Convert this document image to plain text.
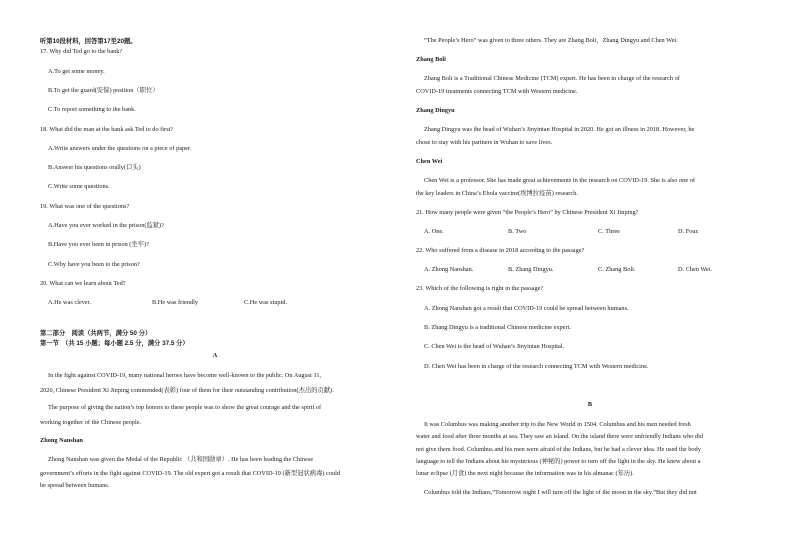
听第10段材料，回答第17至20题。
17. Why did Ted go to the bank?
A.To get some money.
B.To get the guard(安保) position（职位）
C.To report something to the bank.
18. What did the man at the bank ask Ted to do first?
A.Write answers under the questions on a piece of paper.
B.Answer his questions orally(口头)
C.Write some questions.
19. What was one of the questions?
A.Have you ever worked in the prison(监狱)?
B.Have you ever been in prison (坐牢)?
C.Why have you been to the prison?
20. What can we learn about Ted?
A.He was clever.	B.He was friendly	C.He was stupid.
第二部分　阅读（共两节，满分 50 分）
第一节　（共 15 小题；每小题 2.5 分，满分 37.5 分）
A
In the fight against COVID-19, many national heroes have become well-known to the public. On August 11,
2020, Chinese President Xi Jinping commended(表彰) four of them for their outstanding contribution(杰出的贡献).
The purpose of giving the nation’s top honors to these people was to show the great courage and the spirit of
working together of the Chinese people.
Zhong Nanshan
Zhong Nanshan was given the Medal of the Republic （共和国勋章）. He has been leading the Chinese
government’s efforts in the fight against COVID-19. The old expert got a result that COVID-19 (新型冠状病毒) could
be spread between humans.
“The People’s Hero” was given to three others. They are Zhang Boli，Zhang Dingyu and Chen Wei.
Zhang Boli
Zhang Boli is a Traditional Chinese Medicine (TCM) expert. He has been in charge of the research of
COVID-19 treatments connecting TCM with Western medicine.
Zhang Dingyu
Zhang Dingyu was the head of Wuhan’s Jinyintan Hospital in 2020. He got an illness in 2018. However, he
chose to stay with his partners in Wuhan to save lives.
Chen Wei
Chen Wei is a professor. She has made great achievements in the research on COVID-19. She is also one of
the key leaders in China’s Ebola vaccine(埃博拉疫苗) research.
21. How many people were given “the People’s Hero” by Chinese President Xi Jinping?
A. One.	B. Two	C. Three	D. Four.
22. Who suffered from a disease in 2018 according to the passage?
A. Zhong Nanshan.	B. Zhang Dingyu.	C. Zhang Boli.	D. Chen Wei.
23. Which of the following is right in the passage?
A. Zhong Nanshan got a result that COVID-19 could be spread between humans.
B. Zhang Dingyu is a traditional Chinese medicine expert.
C. Chen Wei is the head of Wuhan’s Jinyintan Hospital.
D. Chen Wei has been in charge of the research connecting TCM with Western medicine.
B
It was Columbus was making another trip to the New World in 1504. Columbus and his men needed fresh
water and food after three months at sea. They saw an island. On the island there were unfriendly Indians who did
not give them food. Columbus and his men were afraid of the Indians, but he had a clever idea. He used the body
language to tell the Indians about his mysterious (神秘的) power to turn off the light in the sky. He knew about a
lunar eclipse (月食) the next night because the information was in his almanac (年历).
Columbus told the Indians,“Tomorrow night I will turn off the light of the moon in the sky.”But they did not
